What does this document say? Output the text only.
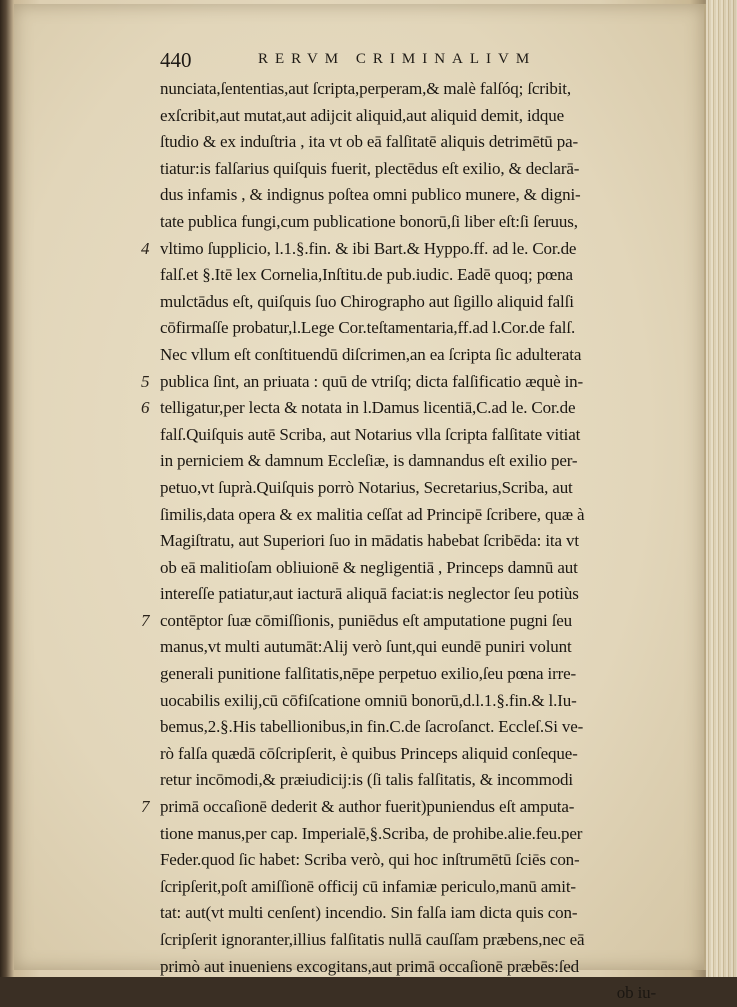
440	RERVM CRIMINALIVM
nunciata,ſententias,aut ſcripta,perperam,& malè falſóq; ſcribit,
exſcribit,aut mutat,aut adijcit aliquid,aut aliquid demit, idque
ſtudio & ex induſtria , ita vt ob eā falſitatē aliquis detrimētū pa-
tiatur:is falſarius quiſquis fuerit, plectēdus eſt exilio, & declarā-
dus infamis , & indignus poſtea omni publico munere, & digni-
tate publica fungi,cum publicatione bonorū,ſi liber eſt:ſi ſeruus,
vltimo ſupplicio, l.1.§.fin. & ibi Bart.& Hyppo.ff. ad le. Cor.de
falſ.et §.Itē lex Cornelia,Inſtitu.de pub.iudic. Eadē quoq; pœna
mulctādus eſt, quiſquis ſuo Chirographo aut ſigillo aliquid falſi
cōfirmaſſe probatur,l.Lege Cor.teſtamentaria,ff.ad l.Cor.de falſ.
Nec vllum eſt conſtituendū diſcrimen,an ea ſcripta ſic adulterata
publica ſint, an priuata : quū de vtriſq; dicta falſificatio æquè in-
telligatur,per lecta & notata in l.Damus licentiā,C.ad le. Cor.de
falſ.Quiſquis autē Scriba, aut Notarius vlla ſcripta falſitate vitiat
in perniciem & damnum Eccleſiæ, is damnandus eſt exilio per-
petuo,vt ſuprà.Quiſquis porrò Notarius, Secretarius,Scriba, aut
ſimilis,data opera & ex malitia ceſſat ad Principē ſcribere, quæ à
Magiſtratu, aut Superiori ſuo in mādatis habebat ſcribēda: ita vt
ob eā malitioſam obliuionē & negligentiā , Princeps damnū aut
intereſſe patiatur,aut iacturā aliquā faciat:is neglector ſeu potiùs
contēptor ſuæ cōmiſſionis, puniēdus eſt amputatione pugni ſeu
manus,vt multi autumāt:Alij verò ſunt,qui eundē puniri volunt
generali punitione falſitatis,nēpe perpetuo exilio,ſeu pœna irre-
uocabilis exilij,cū cōfiſcatione omniū bonorū,d.l.1.§.fin.& l.Iu-
bemus,2.§.His tabellionibus,in fin.C.de ſacroſanct. Eccleſ.Si ve-
rò falſa quædā cōſcripſerit, è quibus Princeps aliquid conſeque-
retur incōmodi,& præiudicij:is (ſi talis falſitatis, & incommodi
primā occaſionē dederit & author fuerit)puniendus eſt amputa-
tione manus,per cap. Imperialē,§.Scriba, de prohibe.alie.feu.per
Feder.quod ſic habet: Scriba verò, qui hoc inſtrumētū ſciēs con-
ſcripſerit,poſt amiſſionē officij cū infamiæ periculo,manū amit-
tat: aut(vt multi cenſent) incendio. Sin falſa iam dicta quis con-
ſcripſerit ignoranter,illius falſitatis nullā cauſſam præbens,nec eā
primò aut inueniens excogitans,aut primā occaſionē præbēs:ſed
ob iu-
4
5
6
7
7
